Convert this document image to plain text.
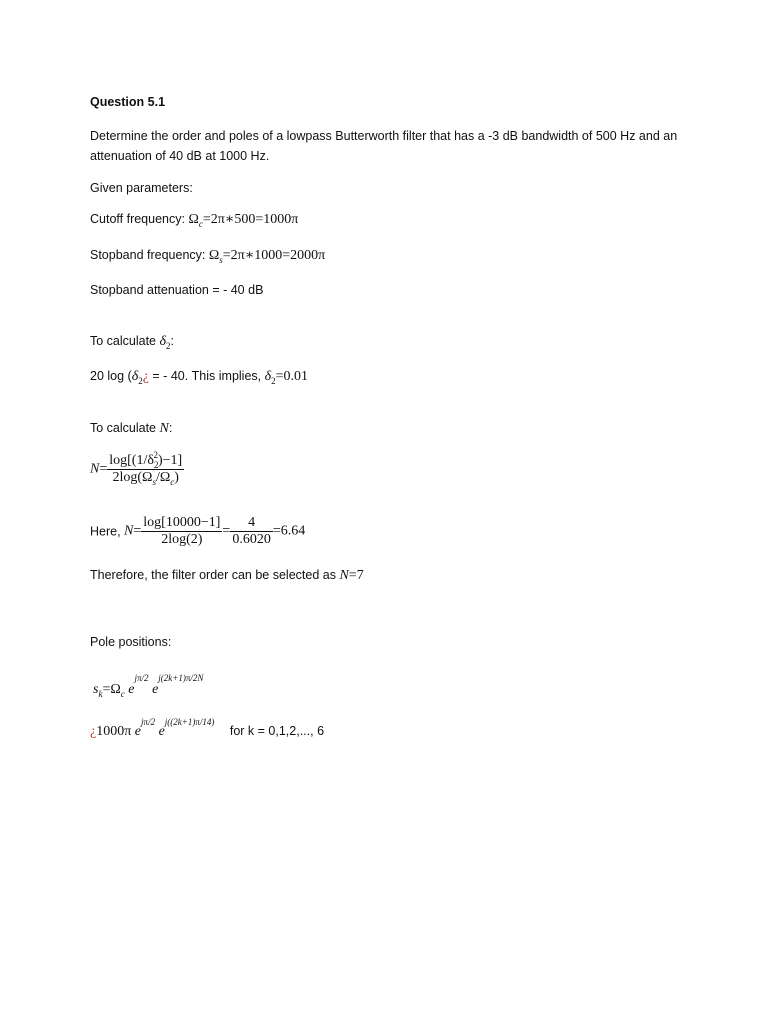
Question 5.1
Determine the order and poles of a lowpass Butterworth filter that has a -3 dB bandwidth of 500 Hz and an attenuation of 40 dB at 1000 Hz.
Given parameters:
Cutoff frequency: $\Omega_c=2\pi∗500=1000\pi$
Stopband frequency: $\Omega_s=2\pi∗1000=2000\pi$
Stopband attenuation = - 40 dB
To calculate $\delta_2$:
20 $\log (\delta_2¿$ = - 40. This implies, $\delta_2=0.01$
To calculate N:
$N= \frac{\log[(1/\delta_2^2)-1]}{2\log(\Omega_s/\Omega_c)}$
Here, $N= \frac{\log[10000-1]}{2\log(2)} = \frac{4}{0.6020} =6.64$
Therefore, the filter order can be selected as N=7
Pole positions:
$s_k=\Omega_c$ $e^{j\pi/2}$ $e^{j(2k+1)\pi/2N}$
¿1000π $e^{j\pi/2}$ $e^{j((2k+1)\pi/14)}$ for k = 0,1,2,..., 6
